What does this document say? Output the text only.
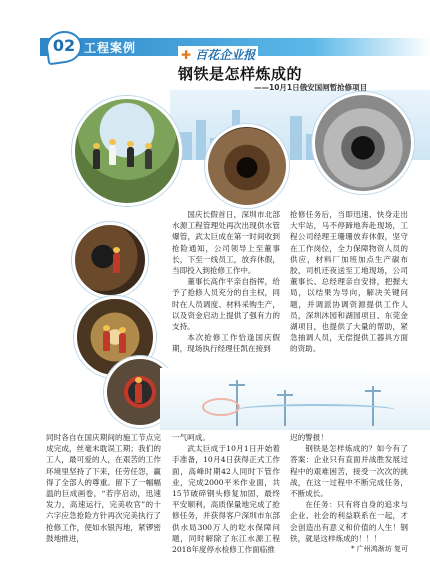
02 工程案例	✚ 百花企业报
钢铁是怎样炼成的
——10月1日俄安国闸暂抢修项目

国庆长假首日，深圳市北部水源工程管理处再次出现供水管爆管，武太巨成在第一时间收到抢险通知，公司领导上至董事长，下至一线员工，放弃休假，当即投入到抢修工作中。

董事长高作平亲自指挥，给予了抢修人员充分的自主权，同时在人员调度、材料采购生产，以及资金启动上提供了强有力的支持。

本次抢修工作恰逢国庆假期，现场执行经理任凯在接到

抢修任务后，当即迅速、快身走出大牢站，马不停蹄地奔赴现场，工程公司经理王珊珊放弃休假，坚守在工作岗位，全力保障物资人员的供应，材料厂加班加点生产碳布胶，司机还夜送至工地现场，公司董事长、总经理亲自安排，把握大局，以结果为导向，解决关键问题，并调派协调资源提供工作人员，深圳沐园和湖园项目、东莞金湖项目，也提供了大量的帮助，紧急抽调人员，无偿提供工器具方面的资助。

同时各自在国庆期间的施工节点完成完成，丝毫未耽误工期；我们的工人，最可爱的人，在艰苦的工作环境里坚持了下来，任劳任怨，赢得了全部人的尊重。留下了一幅幅温的巨成画卷，“若序启动，迅速发力，高速运行，完美收官”的十六字应急抢险方针再次完美执行了抢修工作，使如水银泻地，紧锣密鼓地推进，

一气呵成。

武太巨成于10月1日开始着手准备，10月4日获得正式工作面，高峰时期42人同时下管作业，完成2000平米作业面，共15节破碎钢头修复加固，最终平安顺利，高质保量地完成了抢修任务，并获得客户深圳市东部供水局300万人的吃水保障问题，同时解除了东江水源工程2018年度停水检修工作面临推

迟的警报！

钢铁是怎样炼成的？如今有了答案：企业只有直面并战胜发展过程中的艰难困苦，接受一次次的挑战，在这一过程中不断完成任务，不断成长。

在任务：只有将自身的追求与企业、社会的利益联系在一起，才会创造出有意义和价值的人生！钢铁，就是这样炼成的！！！

* 广州鸿渐坊 复可
